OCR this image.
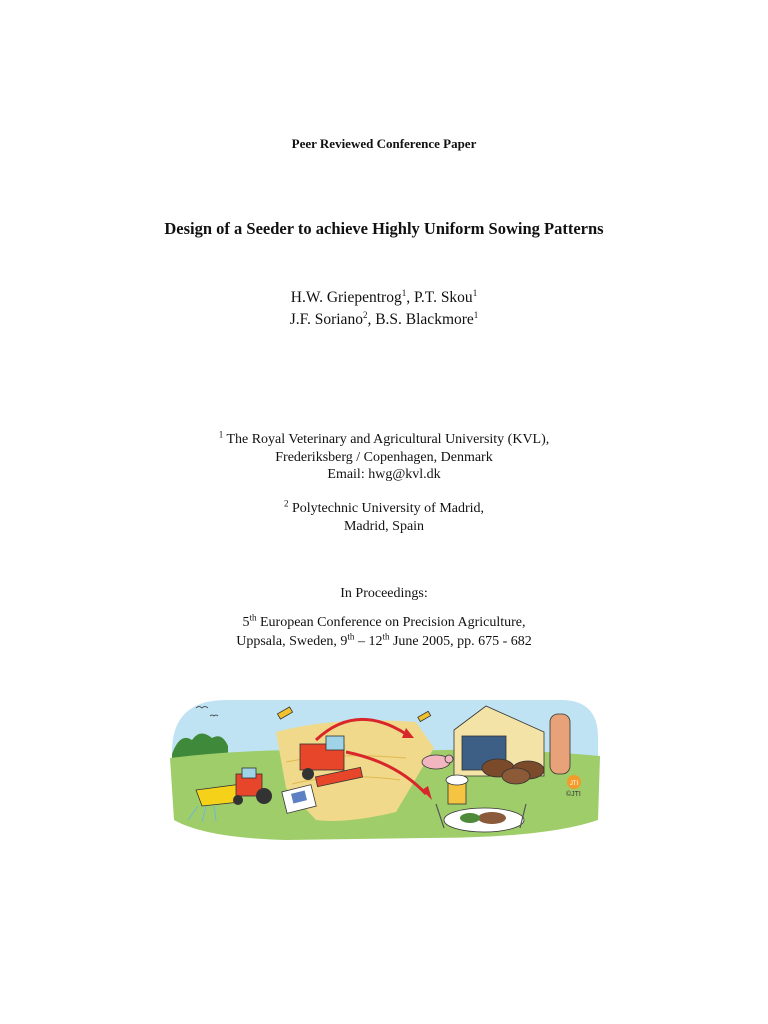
Peer Reviewed Conference Paper
Design of a Seeder to achieve Highly Uniform Sowing Patterns
H.W. Griepentrog$^1$, P.T. Skou$^1$
J.F. Soriano$^2$, B.S. Blackmore$^1$
$^1$ The Royal Veterinary and Agricultural University (KVL),
Frederiksberg / Copenhagen, Denmark
Email: hwg@kvl.dk
$^2$ Polytechnic University of Madrid,
Madrid, Spain
In Proceedings:
5th European Conference on Precision Agriculture,
Uppsala, Sweden, 9th – 12th June 2005, pp. 675 - 682
JTI
©JTI
